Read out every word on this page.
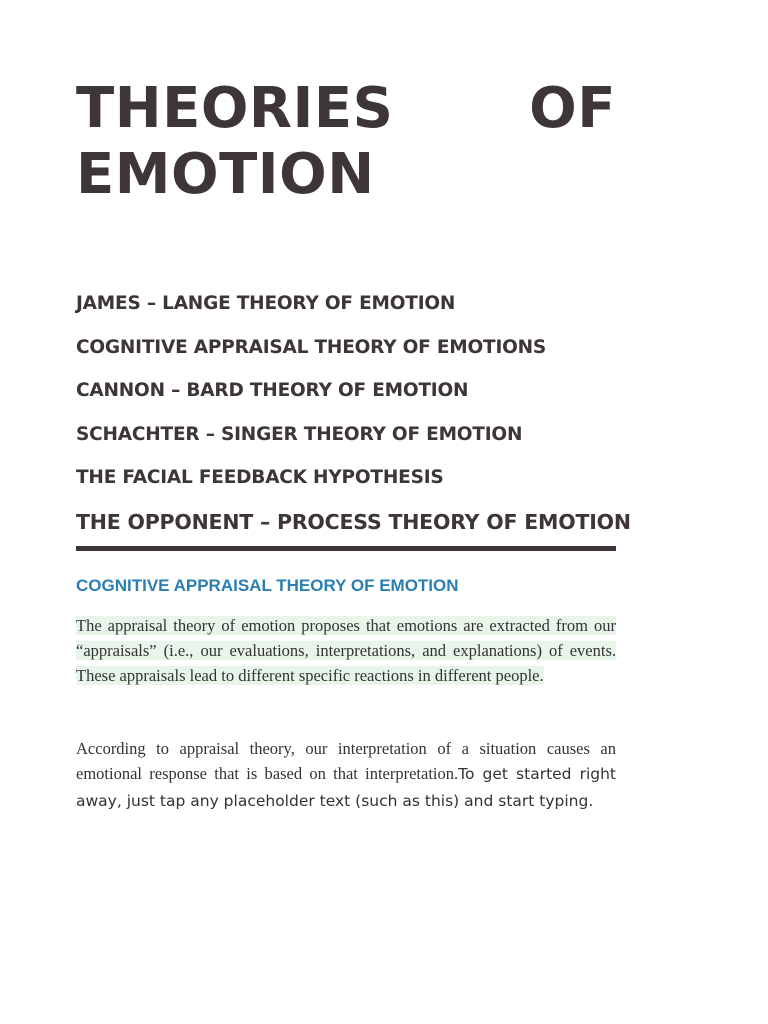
THEORIES OF
EMOTION
JAMES – LANGE THEORY OF EMOTION
COGNITIVE APPRAISAL THEORY OF EMOTIONS
CANNON – BARD THEORY OF EMOTION
SCHACHTER – SINGER THEORY OF EMOTION
THE FACIAL FEEDBACK HYPOTHESIS
THE OPPONENT – PROCESS THEORY OF EMOTION
COGNITIVE APPRAISAL THEORY OF EMOTION

The appraisal theory of emotion proposes that emotions are extracted from our “appraisals” (i.e., our evaluations, interpretations, and explanations) of events. These appraisals lead to different specific reactions in different people.

According to appraisal theory, our interpretation of a situation causes an emotional response that is based on that interpretation.To get started right away, just tap any placeholder text (such as this) and start typing.
